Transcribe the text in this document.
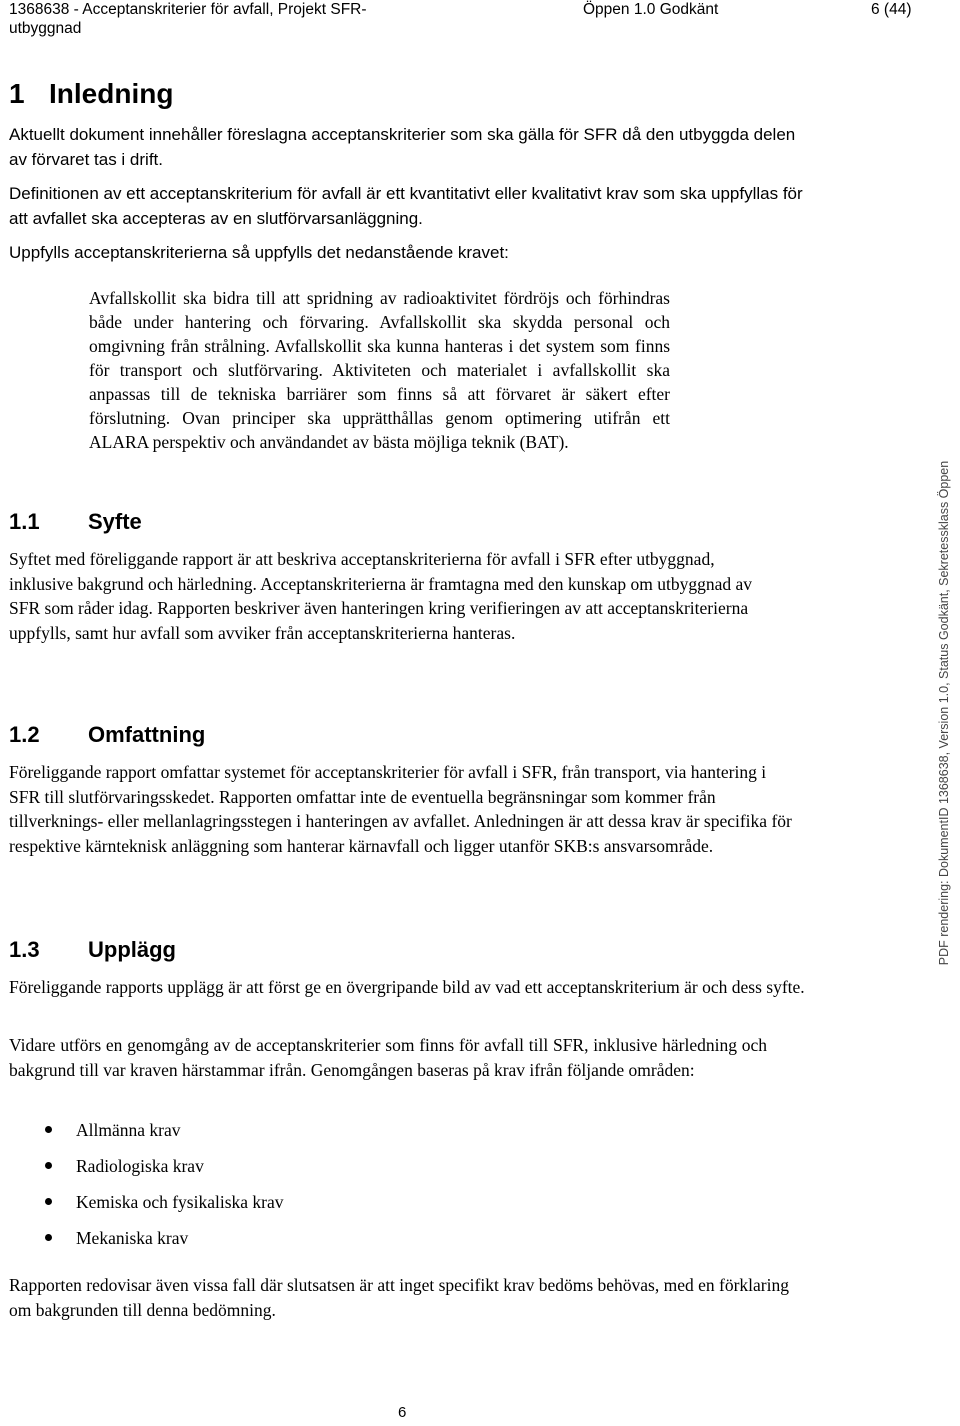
1368638 - Acceptanskriterier för avfall, Projekt SFR-utbyggnad
Öppen 1.0 Godkänt	6 (44)
1 Inledning
Aktuellt dokument innehåller föreslagna acceptanskriterier som ska gälla för SFR då den utbyggda delen av förvaret tas i drift.
Definitionen av ett acceptanskriterium för avfall är ett kvantitativt eller kvalitativt krav som ska uppfyllas för att avfallet ska accepteras av en slutförvarsanläggning.
Uppfylls acceptanskriterierna så uppfylls det nedanstående kravet:
Avfallskollit ska bidra till att spridning av radioaktivitet fördröjs och förhindras både under hantering och förvaring. Avfallskollit ska skydda personal och omgivning från strålning. Avfallskollit ska kunna hanteras i det system som finns för transport och slutförvaring. Aktiviteten och materialet i avfallskollit ska anpassas till de tekniska barriärer som finns så att förvaret är säkert efter förslutning. Ovan principer ska upprätthållas genom optimering utifrån ett ALARA perspektiv och användandet av bästa möjliga teknik (BAT).
1.1 Syfte
Syftet med föreliggande rapport är att beskriva acceptanskriterierna för avfall i SFR efter utbyggnad, inklusive bakgrund och härledning. Acceptanskriterierna är framtagna med den kunskap om utbyggnad av SFR som råder idag. Rapporten beskriver även hanteringen kring verifieringen av att acceptanskriterierna uppfylls, samt hur avfall som avviker från acceptanskriterierna hanteras.
1.2 Omfattning
Föreliggande rapport omfattar systemet för acceptanskriterier för avfall i SFR, från transport, via hantering i SFR till slutförvaringsskedet. Rapporten omfattar inte de eventuella begränsningar som kommer från tillverknings- eller mellanlagringsstegen i hanteringen av avfallet. Anledningen är att dessa krav är specifika för respektive kärnteknisk anläggning som hanterar kärnavfall och ligger utanför SKB:s ansvarsområde.
1.3 Upplägg
Föreliggande rapports upplägg är att först ge en övergripande bild av vad ett acceptanskriterium är och dess syfte.
Vidare utförs en genomgång av de acceptanskriterier som finns för avfall till SFR, inklusive härledning och bakgrund till var kraven härstammar ifrån. Genomgången baseras på krav ifrån följande områden:
Allmänna krav
Radiologiska krav
Kemiska och fysikaliska krav
Mekaniska krav
Rapporten redovisar även vissa fall där slutsatsen är att inget specifikt krav bedöms behövas, med en förklaring om bakgrunden till denna bedömning.
6
PDF rendering: DokumentID 1368638, Version 1.0, Status Godkänt, Sekretessklass Öppen
